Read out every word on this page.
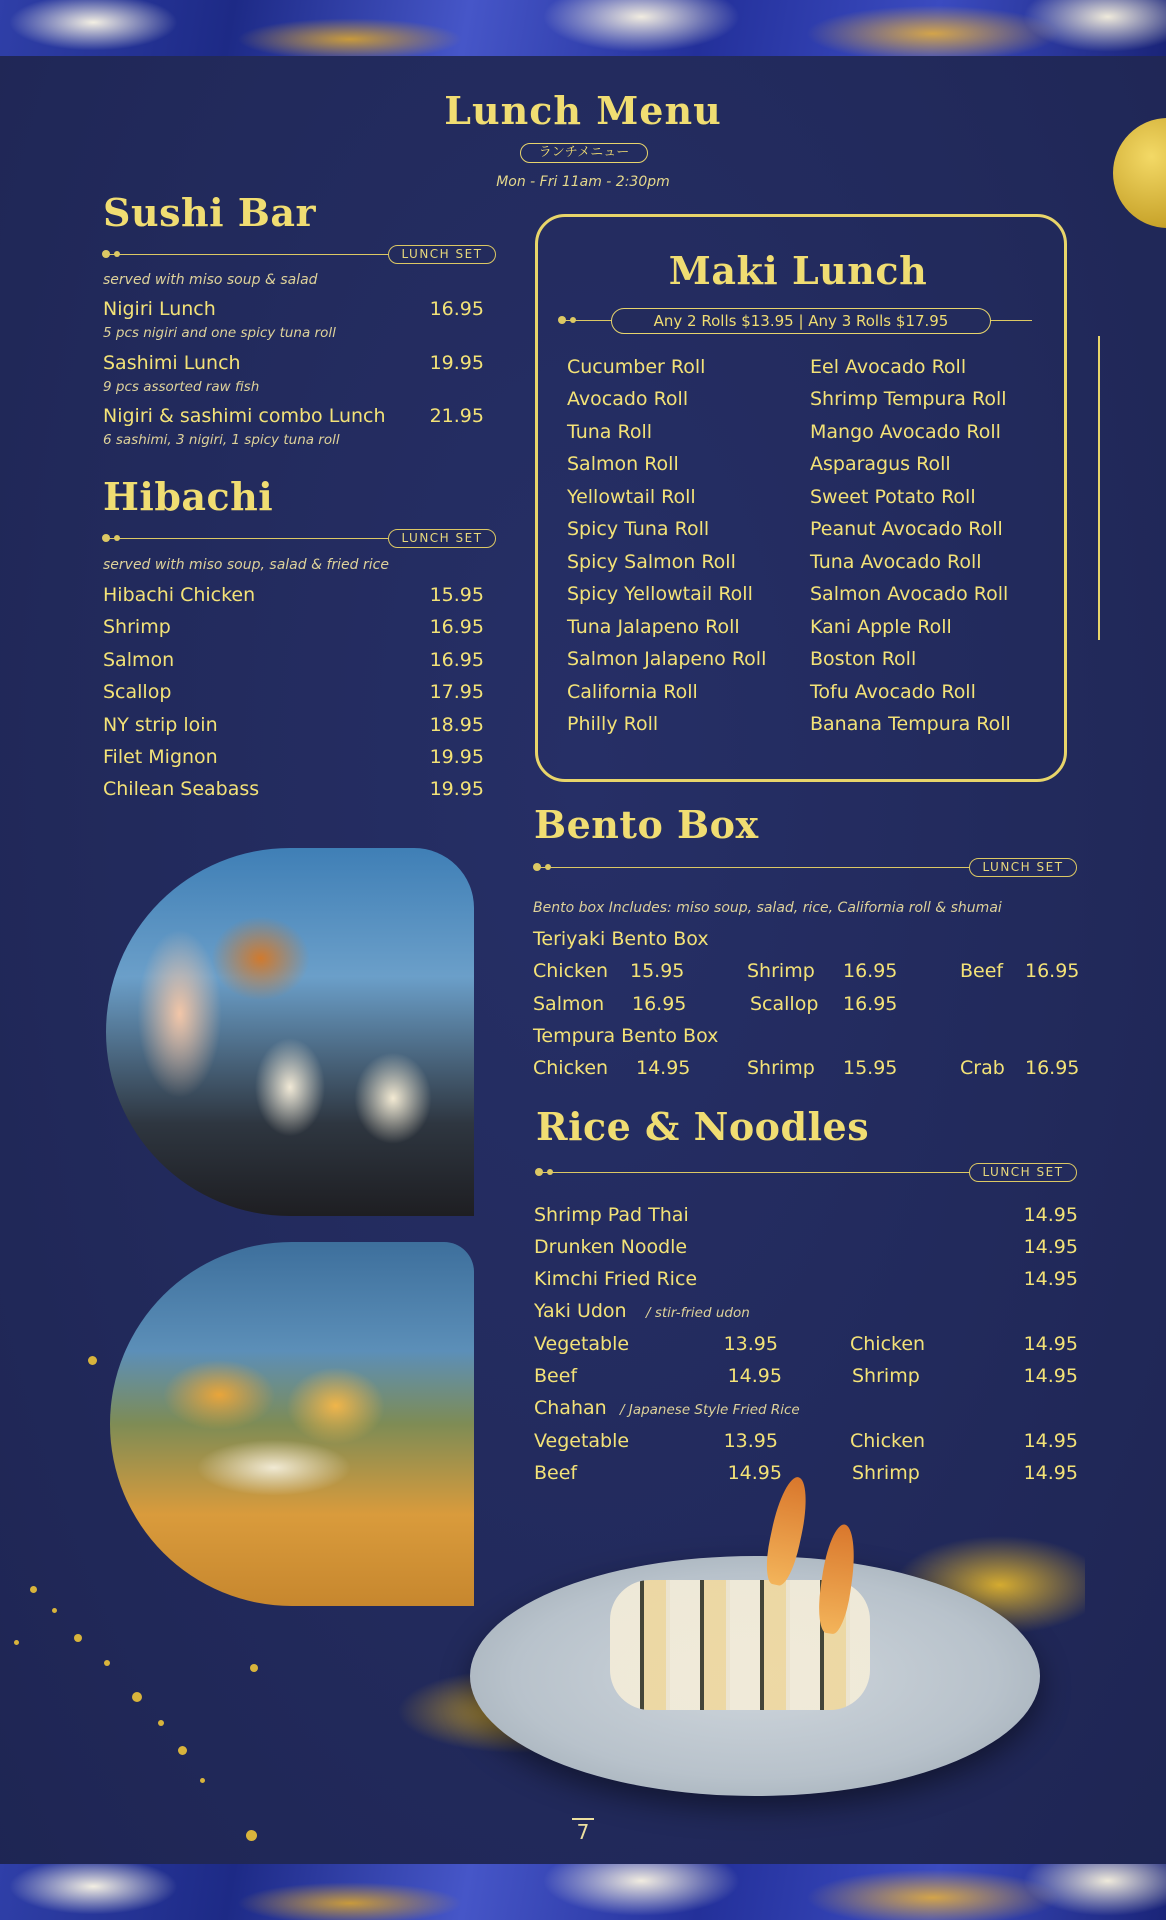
Lunch Menu
ランチメニュー
Mon - Fri 11am - 2:30pm
Sushi Bar
LUNCH SET
served with miso soup & salad
Nigiri Lunch	16.95
5 pcs nigiri and one spicy tuna roll
Sashimi Lunch	19.95
9 pcs assorted raw fish
Nigiri & sashimi combo Lunch 21.95
6 sashimi, 3 nigiri, 1 spicy tuna roll
Hibachi
LUNCH SET
served with miso soup, salad & fried rice
Hibachi Chicken	15.95
Shrimp	16.95
Salmon	16.95
Scallop	17.95
NY strip loin	18.95
Filet Mignon	19.95
Chilean Seabass	19.95
Maki Lunch
Any 2 Rolls $13.95 | Any 3 Rolls $17.95
Cucumber Roll
Avocado Roll
Tuna Roll
Salmon Roll
Yellowtail Roll
Spicy Tuna Roll
Spicy Salmon Roll
Spicy Yellowtail Roll
Tuna Jalapeno Roll
Salmon Jalapeno Roll
California Roll
Philly Roll
Eel Avocado Roll
Shrimp Tempura Roll
Mango Avocado Roll
Asparagus Roll
Sweet Potato Roll
Peanut Avocado Roll
Tuna Avocado Roll
Salmon Avocado Roll
Kani Apple Roll
Boston Roll
Tofu Avocado Roll
Banana Tempura Roll
Bento Box
LUNCH SET
Bento box Includes: miso soup, salad, rice, California roll & shumai
Teriyaki Bento Box
Chicken 15.95	Shrimp 16.95	Beef 16.95
Salmon 16.95	Scallop 16.95
Tempura Bento Box
Chicken 14.95	Shrimp 15.95	Crab 16.95
Rice & Noodles
LUNCH SET
Shrimp Pad Thai	14.95
Drunken Noodle	14.95
Kimchi Fried Rice	14.95
Yaki Udon / stir-fried udon
Vegetable	13.95	Chicken	14.95
Beef	14.95	Shrimp	14.95
Chahan / Japanese Style Fried Rice
Vegetable	13.95	Chicken	14.95
Beef	14.95	Shrimp	14.95
7
